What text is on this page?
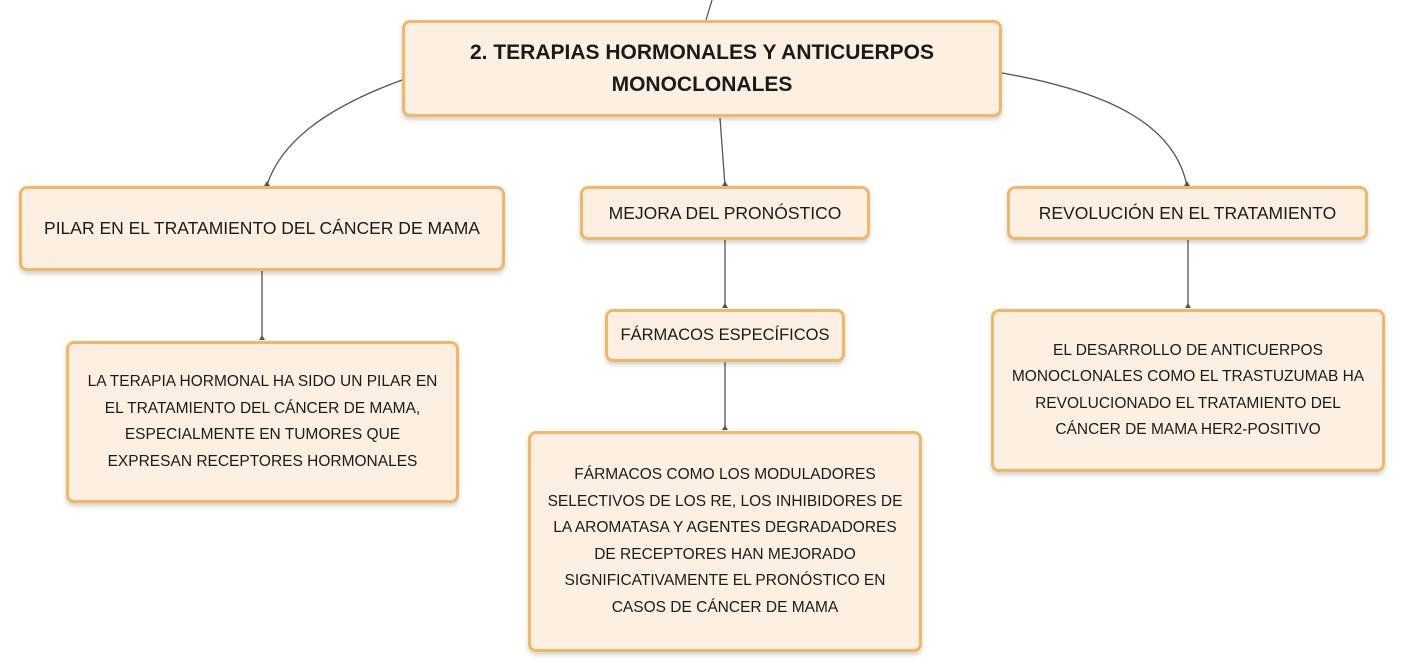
2. TERAPIAS HORMONALES Y ANTICUERPOS MONOCLONALES
PILAR EN EL TRATAMIENTO DEL CÁNCER DE MAMA
MEJORA DEL PRONÓSTICO	REVOLUCIÓN EN EL TRATAMIENTO
LA TERAPIA HORMONAL HA SIDO UN PILAR EN EL TRATAMIENTO DEL CÁNCER DE MAMA, ESPECIALMENTE EN TUMORES QUE EXPRESAN RECEPTORES HORMONALES
FÁRMACOS ESPECÍFICOS
FÁRMACOS COMO LOS MODULADORES SELECTIVOS DE LOS RE, LOS INHIBIDORES DE LA AROMATASA Y AGENTES DEGRADADORES DE RECEPTORES HAN MEJORADO SIGNIFICATIVAMENTE EL PRONÓSTICO EN CASOS DE CÁNCER DE MAMA
EL DESARROLLO DE ANTICUERPOS MONOCLONALES COMO EL TRASTUZUMAB HA REVOLUCIONADO EL TRATAMIENTO DEL CÁNCER DE MAMA HER2-POSITIVO
